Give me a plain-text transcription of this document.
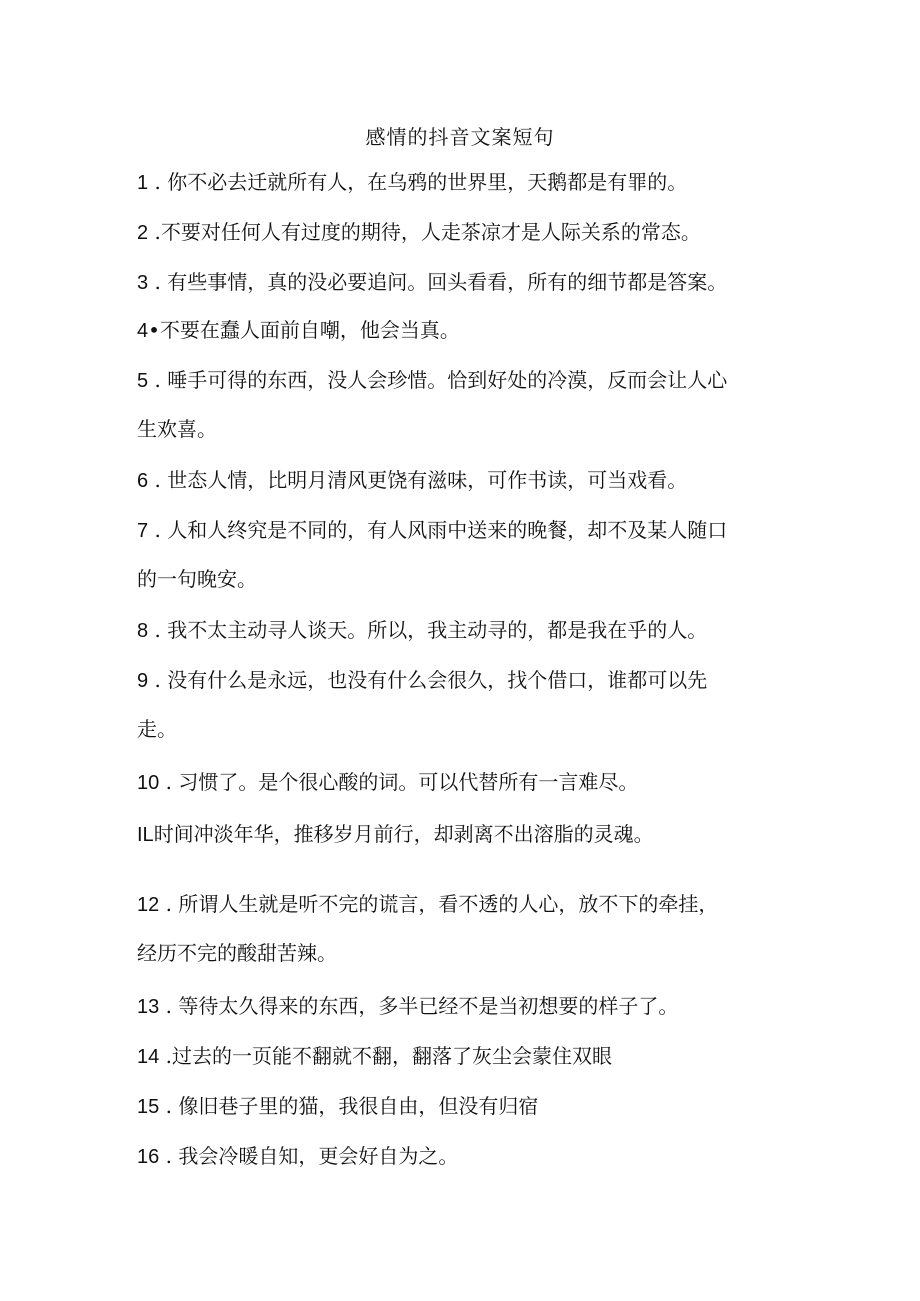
感情的抖音文案短句
1 . 你不必去迁就所有人，在乌鸦的世界里，天鹅都是有罪的。
2 .不要对任何人有过度的期待，人走茶凉才是人际关系的常态。
3 . 有些事情，真的没必要追问。回头看看，所有的细节都是答案。
4•不要在蠢人面前自嘲，他会当真。
5 . 唾手可得的东西，没人会珍惜。恰到好处的冷漠，反而会让人心
生欢喜。
6 . 世态人情，比明月清风更饶有滋味，可作书读，可当戏看。
7 . 人和人终究是不同的，有人风雨中送来的晚餐，却不及某人随口
的一句晚安。
8 . 我不太主动寻人谈天。所以，我主动寻的，都是我在乎的人。
9 . 没有什么是永远，也没有什么会很久，找个借口，谁都可以先
走。
10 . 习惯了。是个很心酸的词。可以代替所有一言难尽。
IL时间冲淡年华，推移岁月前行，却剥离不出溶脂的灵魂。
12 . 所谓人生就是听不完的谎言，看不透的人心，放不下的牵挂，
经历不完的酸甜苦辣。
13 . 等待太久得来的东西，多半已经不是当初想要的样子了。
14 .过去的一页能不翻就不翻，翻落了灰尘会蒙住双眼
15 . 像旧巷子里的猫，我很自由，但没有归宿
16 . 我会冷暖自知，更会好自为之。
